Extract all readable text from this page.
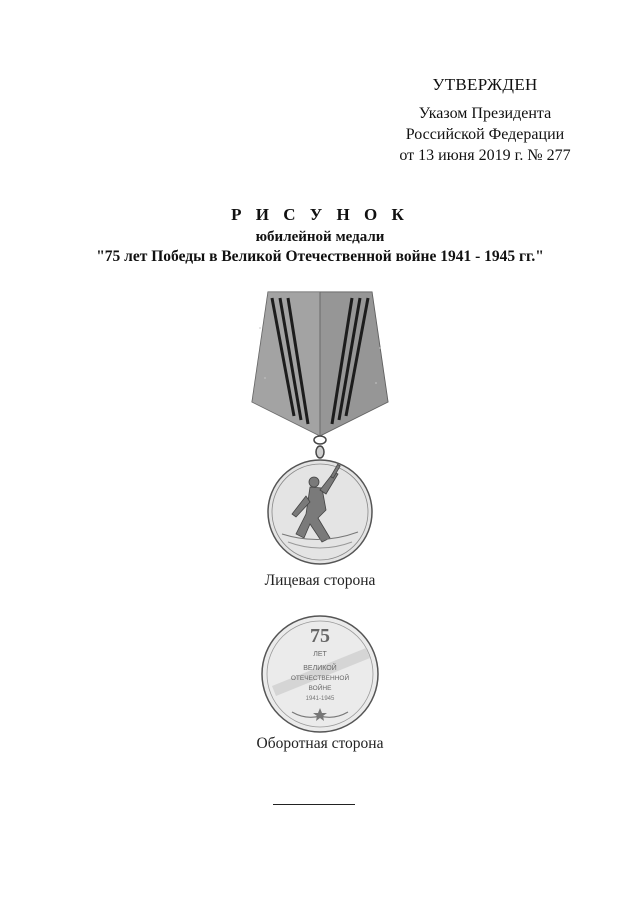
УТВЕРЖДЕН
Указом Президента
Российской Федерации
от 13 июня 2019 г. № 277
Р И С У Н О К
юбилейной медали
"75 лет Победы в Великой Отечественной войне 1941 - 1945 гг."
Лицевая сторона
75
ЛЕТ
ВЕЛИКОЙ
ОТЕЧЕСТВЕННОЙ
ВОЙНЕ
1941-1945
Оборотная сторона
